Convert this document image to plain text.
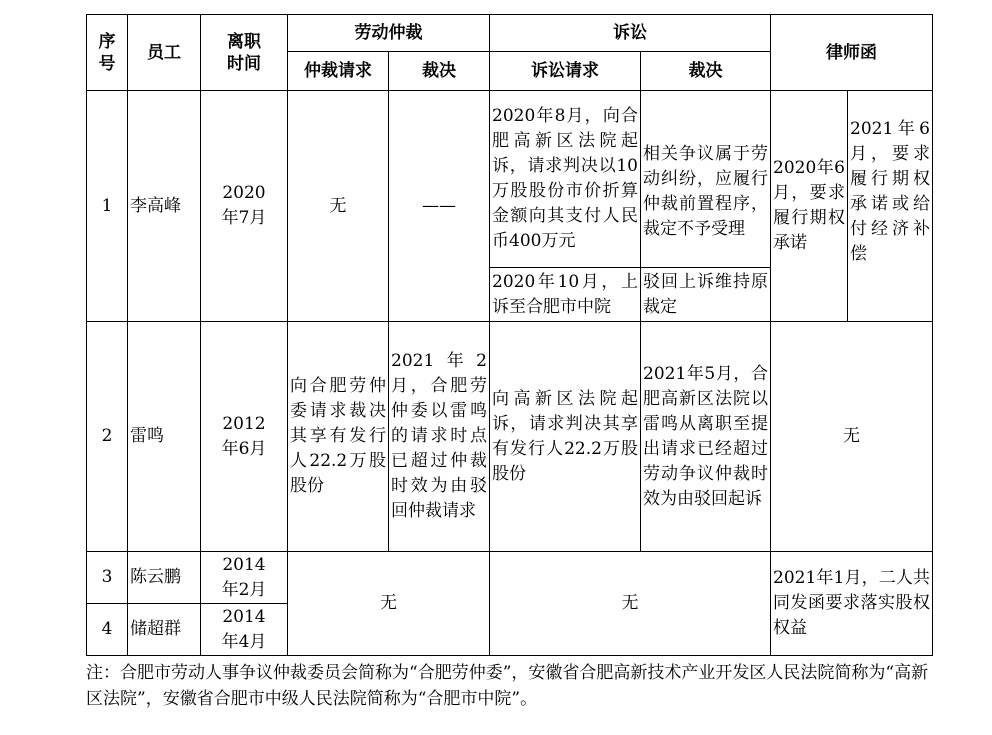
序号	员工	离职时间	劳动仲裁		诉讼		律师函	
			仲裁请求	裁决	诉讼请求	裁决		
1	李高峰	2020年7月	无	——	2020年8月，向合肥高新区法院起诉，请求判决以10万股股份市价折算金额向其支付人民币400万元	相关争议属于劳动纠纷，应履行仲裁前置程序，裁定不予受理	2020年6月，要求履行期权承诺	2021年6月，要求履行期权承诺或给付经济补偿
					2020年10月，上诉至合肥市中院	驳回上诉维持原裁定		
2	雷鸣	2012年6月	向合肥劳仲委请求裁决其享有发行人22.2万股股份	2021年2月，合肥劳仲委以雷鸣的请求时点已超过仲裁时效为由驳回仲裁请求	向高新区法院起诉，请求判决其享有发行人22.2万股股份	2021年5月，合肥高新区法院以雷鸣从离职至提出请求已经超过劳动争议仲裁时效为由驳回起诉	无	
3	陈云鹏	2014年2月	无		无		2021年1月，二人共同发函要求落实股权权益	
4	储超群	2014年4月						
注：合肥市劳动人事争议仲裁委员会简称为“合肥劳仲委”，安徽省合肥高新技术产业开发区人民法院简称为“高新区法院”，安徽省合肥市中级人民法院简称为“合肥市中院”。
